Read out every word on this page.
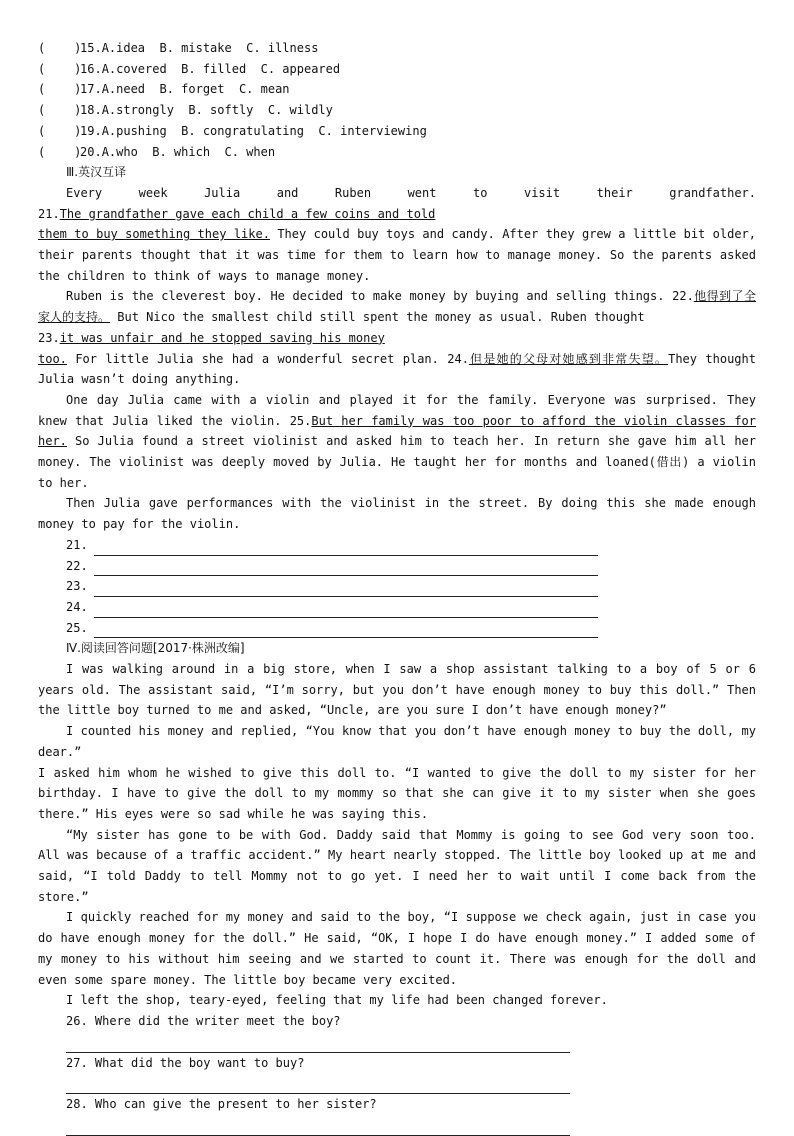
( )
15. A.idea  B. mistake  C. illness
( )
16. A.covered  B. filled  C. appeared
( )
17. A.need  B. forget  C. mean
( )
18. A.strongly  B. softly  C. wildly
( )
19. A.pushing  B. congratulating  C. interviewing
( )
20. A.who  B. which  C. when
Ⅲ.英汉互译
Every week Julia and Ruben went to visit their grandfather.
21.The grandfather gave each child a few coins and told

them to buy something they like. They could buy toys and candy. After they grew a little bit older, their parents thought that it was time for them to learn how to manage money. So the parents asked the children to think of ways to manage money.

Ruben is the cleverest boy. He decided to make money by buying and selling things. 22.他得到了全家人的支持。 But Nico the smallest child still spent the money as usual. Ruben thought

23.it was unfair and he stopped saving his money

too. For little Julia she had a wonderful secret plan. 24.但是她的父母对她感到非常失望。They thought Julia wasn’t doing anything.

One day Julia came with a violin and played it for the family. Everyone was surprised. They knew that Julia liked the violin. 25.But her family was too poor to afford the violin classes for her. So Julia found a street violinist and asked him to teach her. In return she gave him all her money. The violinist was deeply moved by Julia. He taught her for months and loaned(借出) a violin to her.

Then Julia gave performances with the violinist in the street. By doing this she made enough money to pay for the violin.

21.
22.
23.
24.
25.
Ⅳ.阅读回答问题[2017·株洲改编]

I was walking around in a big store, when I saw a shop assistant talking to a boy of 5 or 6 years old. The assistant said, “I’m sorry, but you don’t have enough money to buy this doll.” Then the little boy turned to me and asked, “Uncle, are you sure I don’t have enough money?”

I counted his money and replied, “You know that you don’t have enough money to buy the doll, my dear.”

I asked him whom he wished to give this doll to. “I wanted to give the doll to my sister for her birthday. I have to give the doll to my mommy so that she can give it to my sister when she goes there.” His eyes were so sad while he was saying this.

“My sister has gone to be with God. Daddy said that Mommy is going to see God very soon too. All was because of a traffic accident.” My heart nearly stopped. The little boy looked up at me and said, “I told Daddy to tell Mommy not to go yet. I need her to wait until I come back from the store.”

I quickly reached for my money and said to the boy, “I suppose we check again, just in case you do have enough money for the doll.” He said, “OK, I hope I do have enough money.” I added some of my money to his without him seeing and we started to count it. There was enough for the doll and even some spare money. The little boy became very excited.

I left the shop, teary-eyed, feeling that my life had been changed forever.

26. Where did the writer meet the boy?
27. What did the boy want to buy?
28. Who can give the present to her sister?
